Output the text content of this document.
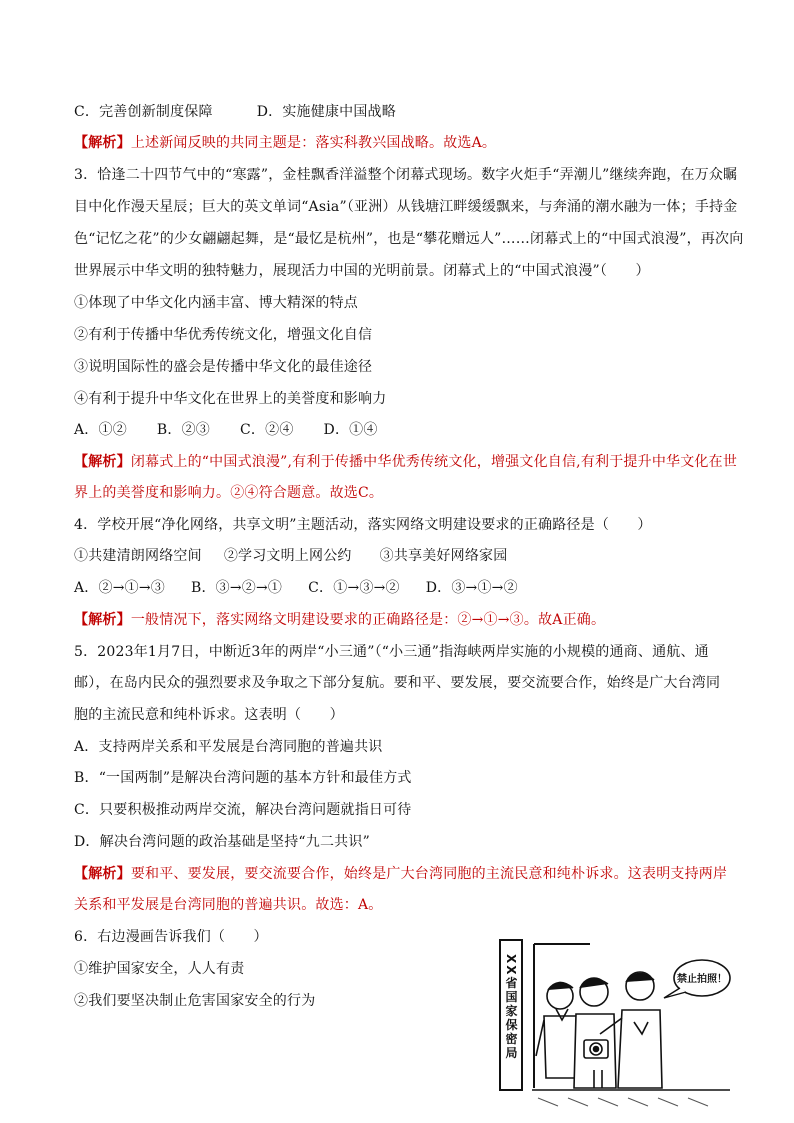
C．完善创新制度保障	D．实施健康中国战略
【解析】上述新闻反映的共同主题是：落实科教兴国战略。故选A。
3．恰逢二十四节气中的“寒露”，金桂飘香洋溢整个闭幕式现场。数字火炬手“弄潮儿”继续奔跑，在万众瞩
目中化作漫天星辰；巨大的英文单词“Asia”（亚洲）从钱塘江畔缓缓飘来，与奔涌的潮水融为一体；手持金
色“记忆之花”的少女翩翩起舞，是“最忆是杭州”，也是“攀花赠远人”……闭幕式上的“中国式浪漫”，再次向
世界展示中华文明的独特魅力，展现活力中国的光明前景。闭幕式上的“中国式浪漫”（　　）
①体现了中华文化内涵丰富、博大精深的特点
②有利于传播中华优秀传统文化，增强文化自信
③说明国际性的盛会是传播中华文化的最佳途径
④有利于提升中华文化在世界上的美誉度和影响力
A．①② B．②③ C．②④ D．①④
【解析】闭幕式上的“中国式浪漫”,有利于传播中华优秀传统文化，增强文化自信,有利于提升中华文化在世
界上的美誉度和影响力。②④符合题意。故选C。
4．学校开展“净化网络，共享文明”主题活动，落实网络文明建设要求的正确路径是（　　）
①共建清朗网络空间 ②学习文明上网公约 ③共享美好网络家园
A．②→①→③ B．③→②→① C．①→③→② D．③→①→②
【解析】一般情况下，落实网络文明建设要求的正确路径是：②→①→③。故A正确。
5．2023年1月7日，中断近3年的两岸“小三通”（“小三通”指海峡两岸实施的小规模的通商、通航、通
邮），在岛内民众的强烈要求及争取之下部分复航。要和平、要发展，要交流要合作，始终是广大台湾同
胞的主流民意和纯朴诉求。这表明（　　）
A．支持两岸关系和平发展是台湾同胞的普遍共识
B．“一国两制”是解决台湾问题的基本方针和最佳方式
C．只要积极推动两岸交流，解决台湾问题就指日可待
D．解决台湾问题的政治基础是坚持“九二共识”
【解析】要和平、要发展，要交流要合作，始终是广大台湾同胞的主流民意和纯朴诉求。这表明支持两岸
关系和平发展是台湾同胞的普遍共识。故选：A。
6．右边漫画告诉我们（　　）
①维护国家安全，人人有责
②我们要坚决制止危害国家安全的行为	XX省国家保密局	禁止拍照！
